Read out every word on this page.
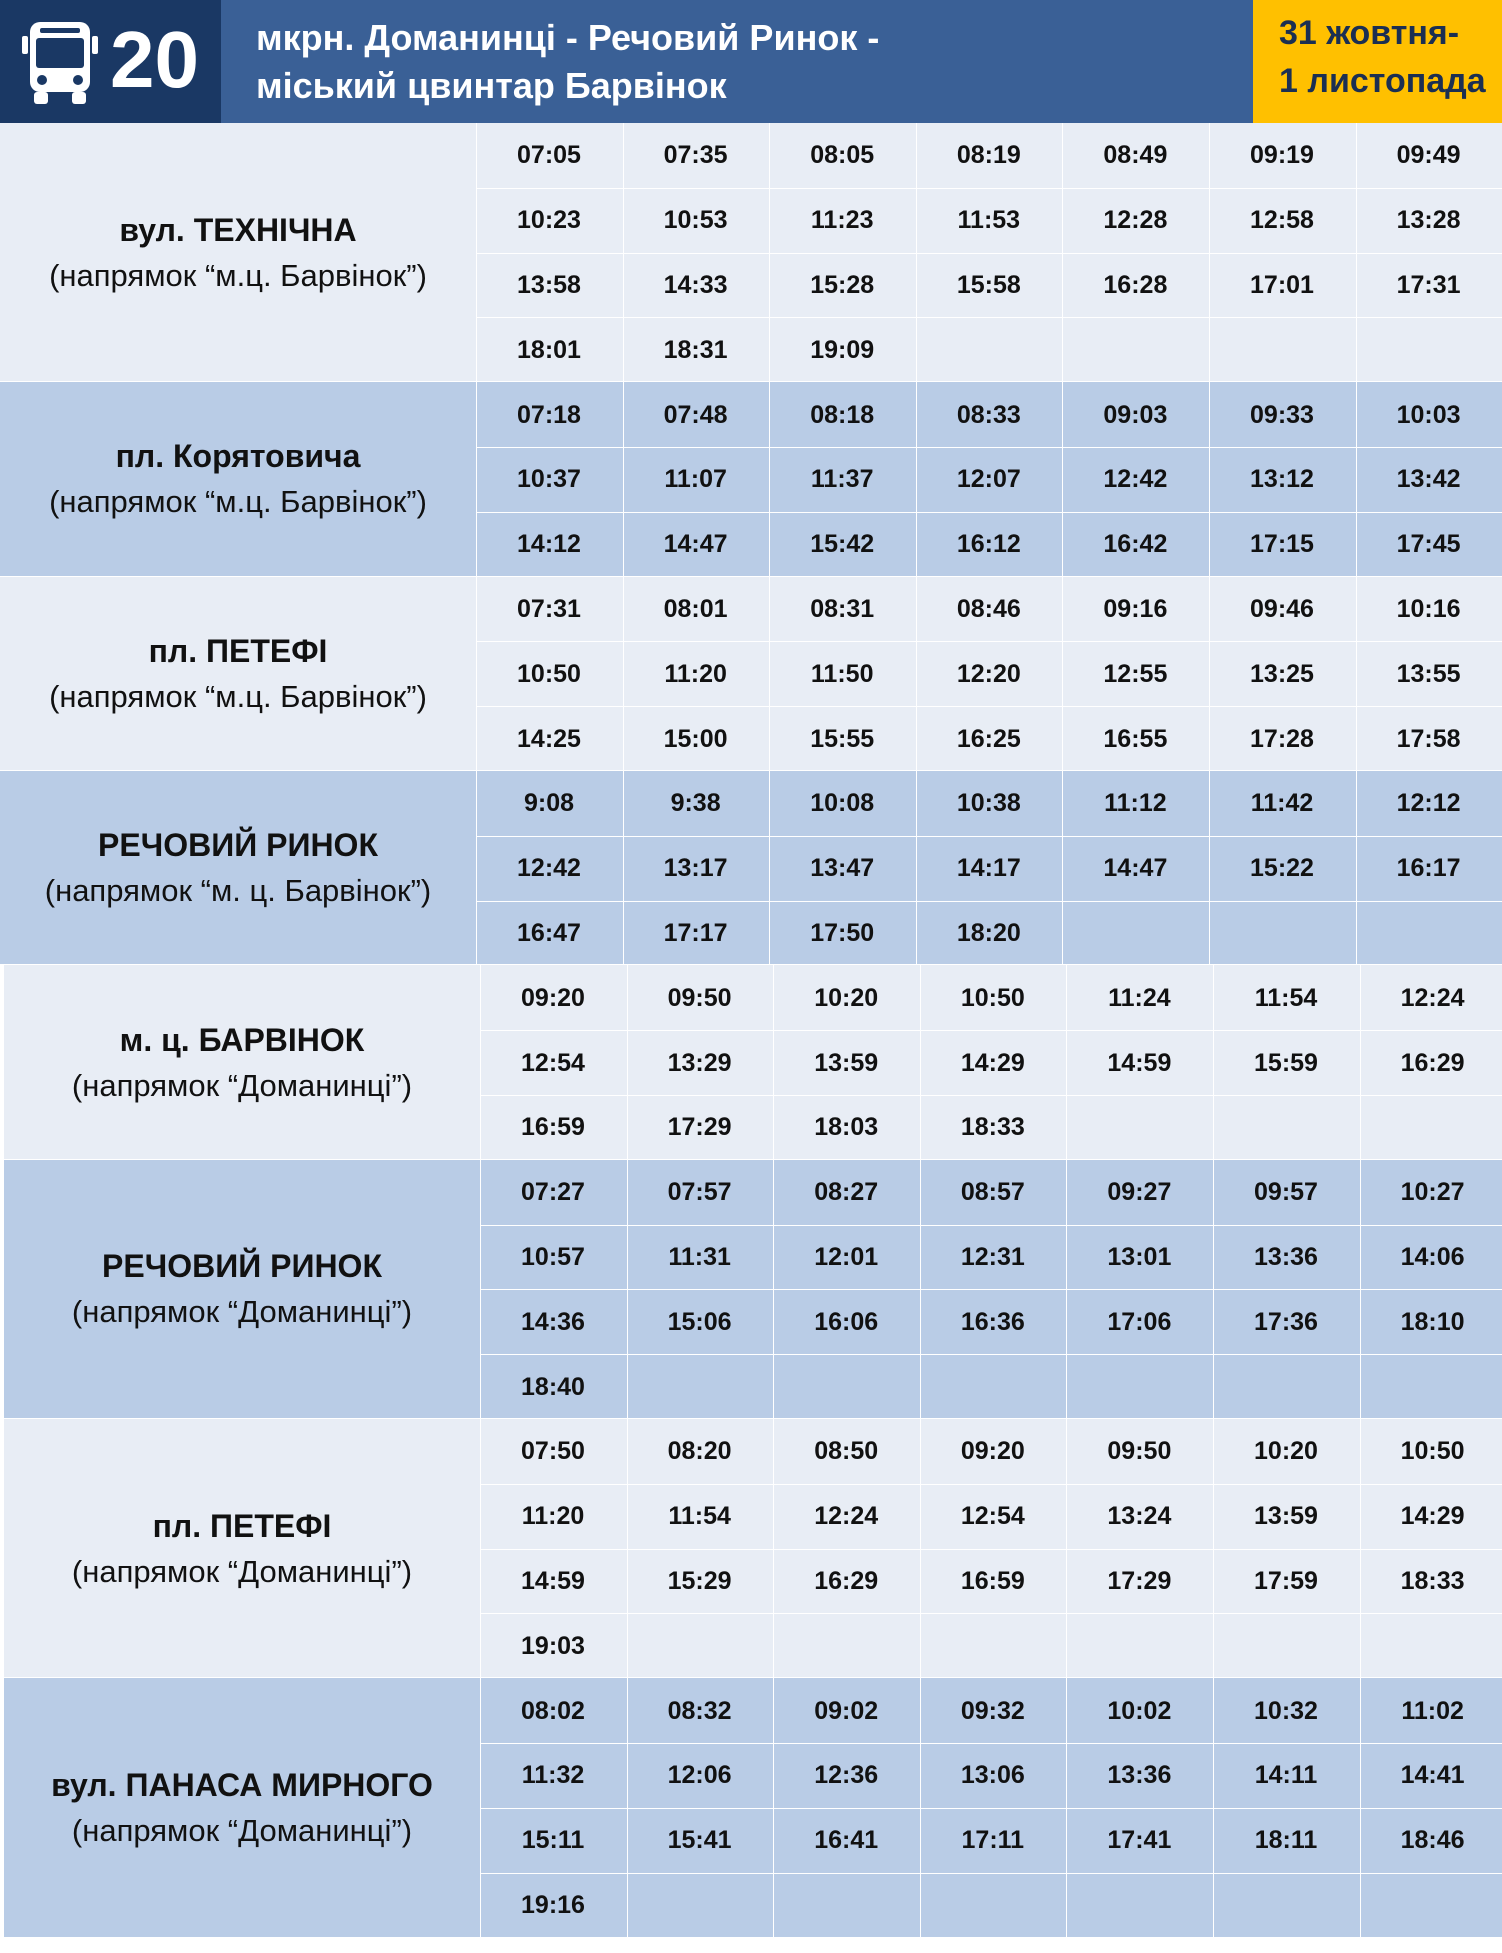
20 мкрн. Доманинці - Речовий Ринок -
міський цвинтар Барвінок
31 жовтня-
1 листопада
вул. ТЕХНІЧНА
(напрямок “м.ц. Барвінок”)
07:05	07:35	08:05	08:19	08:49	09:19	09:49
10:23	10:53	11:23	11:53	12:28	12:58	13:28
13:58	14:33	15:28	15:58	16:28	17:01	17:31
18:01	18:31	19:09
пл. Корятовича
(напрямок “м.ц. Барвінок”)
07:18	07:48	08:18	08:33	09:03	09:33	10:03
10:37	11:07	11:37	12:07	12:42	13:12	13:42
14:12	14:47	15:42	16:12	16:42	17:15	17:45
пл. ПЕТЕФІ
(напрямок “м.ц. Барвінок”)
07:31	08:01	08:31	08:46	09:16	09:46	10:16
10:50	11:20	11:50	12:20	12:55	13:25	13:55
14:25	15:00	15:55	16:25	16:55	17:28	17:58
РЕЧОВИЙ РИНОК
(напрямок “м. ц. Барвінок”)
9:08	9:38	10:08	10:38	11:12	11:42	12:12
12:42	13:17	13:47	14:17	14:47	15:22	16:17
16:47	17:17	17:50	18:20
м. ц. БАРВІНОК
(напрямок “Доманинці”)
09:20	09:50	10:20	10:50	11:24	11:54	12:24
12:54	13:29	13:59	14:29	14:59	15:59	16:29
16:59	17:29	18:03	18:33
РЕЧОВИЙ РИНОК
(напрямок “Доманинці”)
07:27	07:57	08:27	08:57	09:27	09:57	10:27
10:57	11:31	12:01	12:31	13:01	13:36	14:06
14:36	15:06	16:06	16:36	17:06	17:36	18:10
18:40
пл. ПЕТЕФІ
(напрямок “Доманинці”)
07:50	08:20	08:50	09:20	09:50	10:20	10:50
11:20	11:54	12:24	12:54	13:24	13:59	14:29
14:59	15:29	16:29	16:59	17:29	17:59	18:33
19:03
вул. ПАНАСА МИРНОГО
(напрямок “Доманинці”)
08:02	08:32	09:02	09:32	10:02	10:32	11:02
11:32	12:06	12:36	13:06	13:36	14:11	14:41
15:11	15:41	16:41	17:11	17:41	18:11	18:46
19:16
